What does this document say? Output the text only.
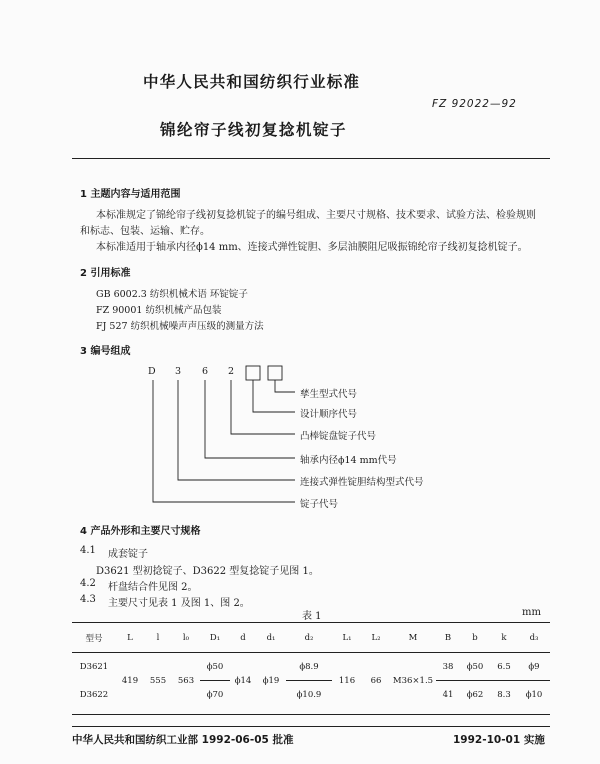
中华人民共和国纺织行业标准
FZ 92022—92
锦纶帘子线初复捻机锭子
1 主题内容与适用范围
本标准规定了锦纶帘子线初复捻机锭子的编号组成、主要尺寸规格、技术要求、试验方法、检验规则
和标志、包装、运输、贮存。
本标准适用于轴承内径ϕ14 mm、连接式弹性锭胆、多层油膜阻尼吸振锦纶帘子线初复捻机锭子。
2 引用标准
GB 6002.3 纺织机械术语 环锭锭子
FZ 90001 纺织机械产品包装
FJ 527 纺织机械噪声声压级的测量方法
3 编号组成
D 3 6 2
孳生型式代号
设计顺序代号
凸棒锭盘锭子代号
轴承内径ϕ14 mm代号
连接式弹性锭胆结构型式代号
锭子代号
4 产品外形和主要尺寸规格
4.1 成套锭子
D3621 型初捻锭子、D3622 型复捻锭子见图 1。
4.2 杆盘结合件见图 2。
4.3 主要尺寸见表 1 及图 1、图 2。
表 1	mm
型号	L	l	l₀	D₁	d	d₁	d₂	L₁	L₂	M	B	b	k	d₃
D3621	419	555	563	ϕ50	ϕ14	ϕ19	ϕ8.9	116	66	M36×1.5	38	ϕ50	6.5	ϕ9
D3622				ϕ70			ϕ10.9				41	ϕ62	8.3	ϕ10
中华人民共和国纺织工业部 1992-06-05 批准	1992-10-01 实施
